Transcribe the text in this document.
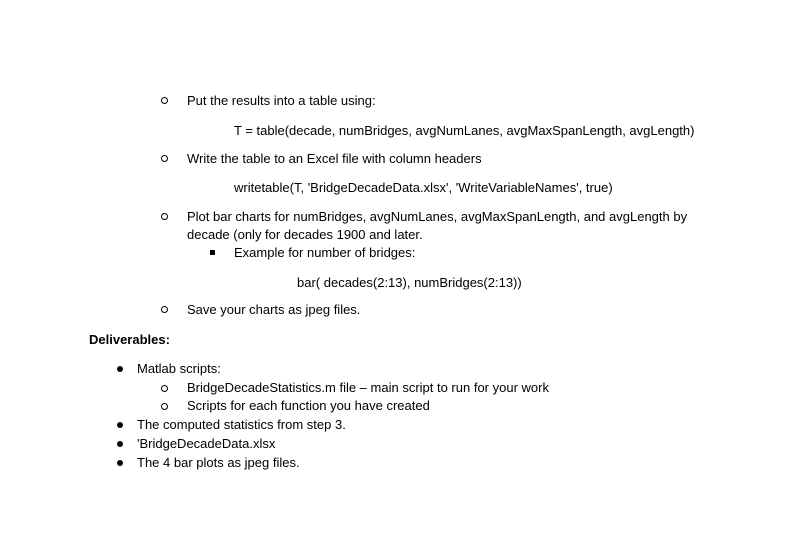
Put the results into a table using:
T = table(decade, numBridges, avgNumLanes, avgMaxSpanLength, avgLength)
Write the table to an Excel file with column headers
writetable(T, 'BridgeDecadeData.xlsx', 'WriteVariableNames', true)
Plot bar charts for numBridges, avgNumLanes, avgMaxSpanLength, and avgLength by
decade (only for decades 1900 and later.
Example for number of bridges:
bar( decades(2:13), numBridges(2:13))
Save your charts as jpeg files.
Deliverables:
Matlab scripts:
BridgeDecadeStatistics.m file – main script to run for your work
Scripts for each function you have created
The computed statistics from step 3.
'BridgeDecadeData.xlsx
The 4 bar plots as jpeg files.
